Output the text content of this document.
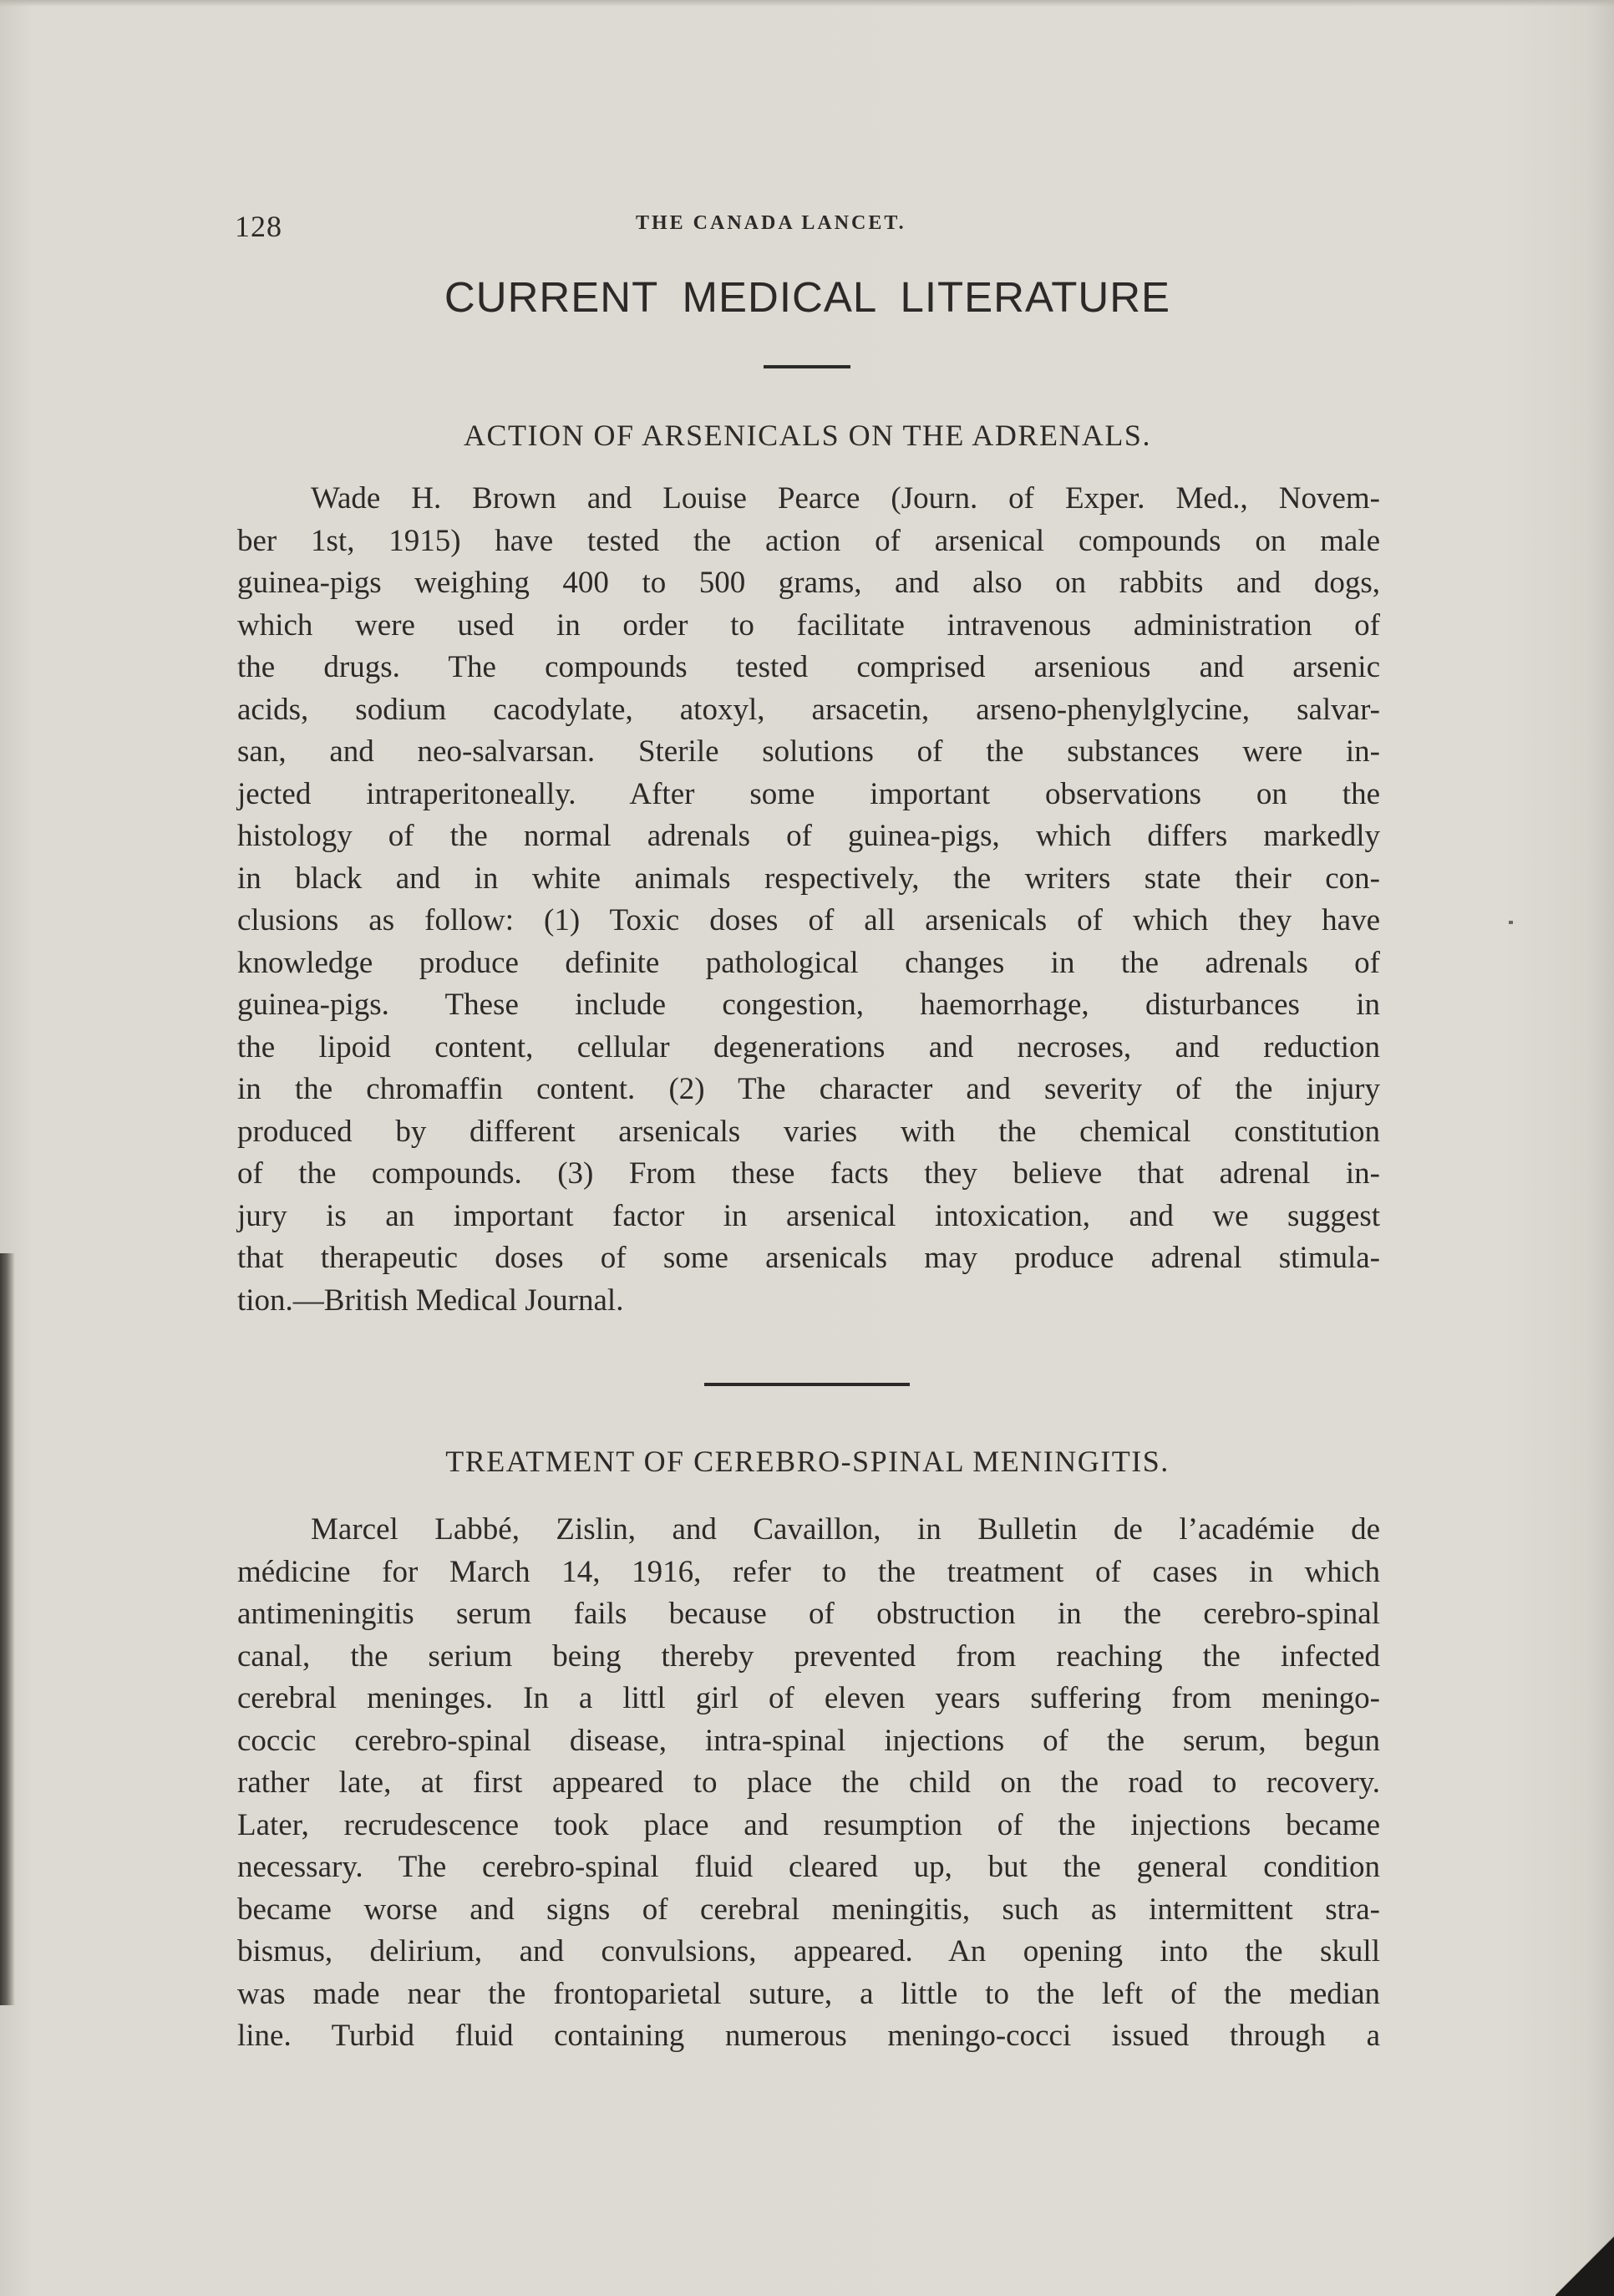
128	THE CANADA LANCET.
CURRENT MEDICAL LITERATURE
ACTION OF ARSENICALS ON THE ADRENALS.
Wade H. Brown and Louise Pearce (Journ. of Exper. Med., Novem-
ber 1st, 1915) have tested the action of arsenical compounds on male
guinea-pigs weighing 400 to 500 grams, and also on rabbits and dogs,
which were used in order to facilitate intravenous administration of
the drugs. The compounds tested comprised arsenious and arsenic
acids, sodium cacodylate, atoxyl, arsacetin, arseno-phenylglycine, salvar-
san, and neo-salvarsan. Sterile solutions of the substances were in-
jected intraperitoneally. After some important observations on the
histology of the normal adrenals of guinea-pigs, which differs markedly
in black and in white animals respectively, the writers state their con-
clusions as follow: (1) Toxic doses of all arsenicals of which they have
knowledge produce definite pathological changes in the adrenals of
guinea-pigs. These include congestion, haemorrhage, disturbances in
the lipoid content, cellular degenerations and necroses, and reduction
in the chromaffin content. (2) The character and severity of the injury
produced by different arsenicals varies with the chemical constitution
of the compounds. (3) From these facts they believe that adrenal in-
jury is an important factor in arsenical intoxication, and we suggest
that therapeutic doses of some arsenicals may produce adrenal stimula-
tion.—British Medical Journal.
TREATMENT OF CEREBRO-SPINAL MENINGITIS.
Marcel Labbé, Zislin, and Cavaillon, in Bulletin de l’académie de
médicine for March 14, 1916, refer to the treatment of cases in which
antimeningitis serum fails because of obstruction in the cerebro-spinal
canal, the serium being thereby prevented from reaching the infected
cerebral meninges. In a littl girl of eleven years suffering from meningo-
coccic cerebro-spinal disease, intra-spinal injections of the serum, begun
rather late, at first appeared to place the child on the road to recovery.
Later, recrudescence took place and resumption of the injections became
necessary. The cerebro-spinal fluid cleared up, but the general condition
became worse and signs of cerebral meningitis, such as intermittent stra-
bismus, delirium, and convulsions, appeared. An opening into the skull
was made near the frontoparietal suture, a little to the left of the median
line. Turbid fluid containing numerous meningo-cocci issued through a
